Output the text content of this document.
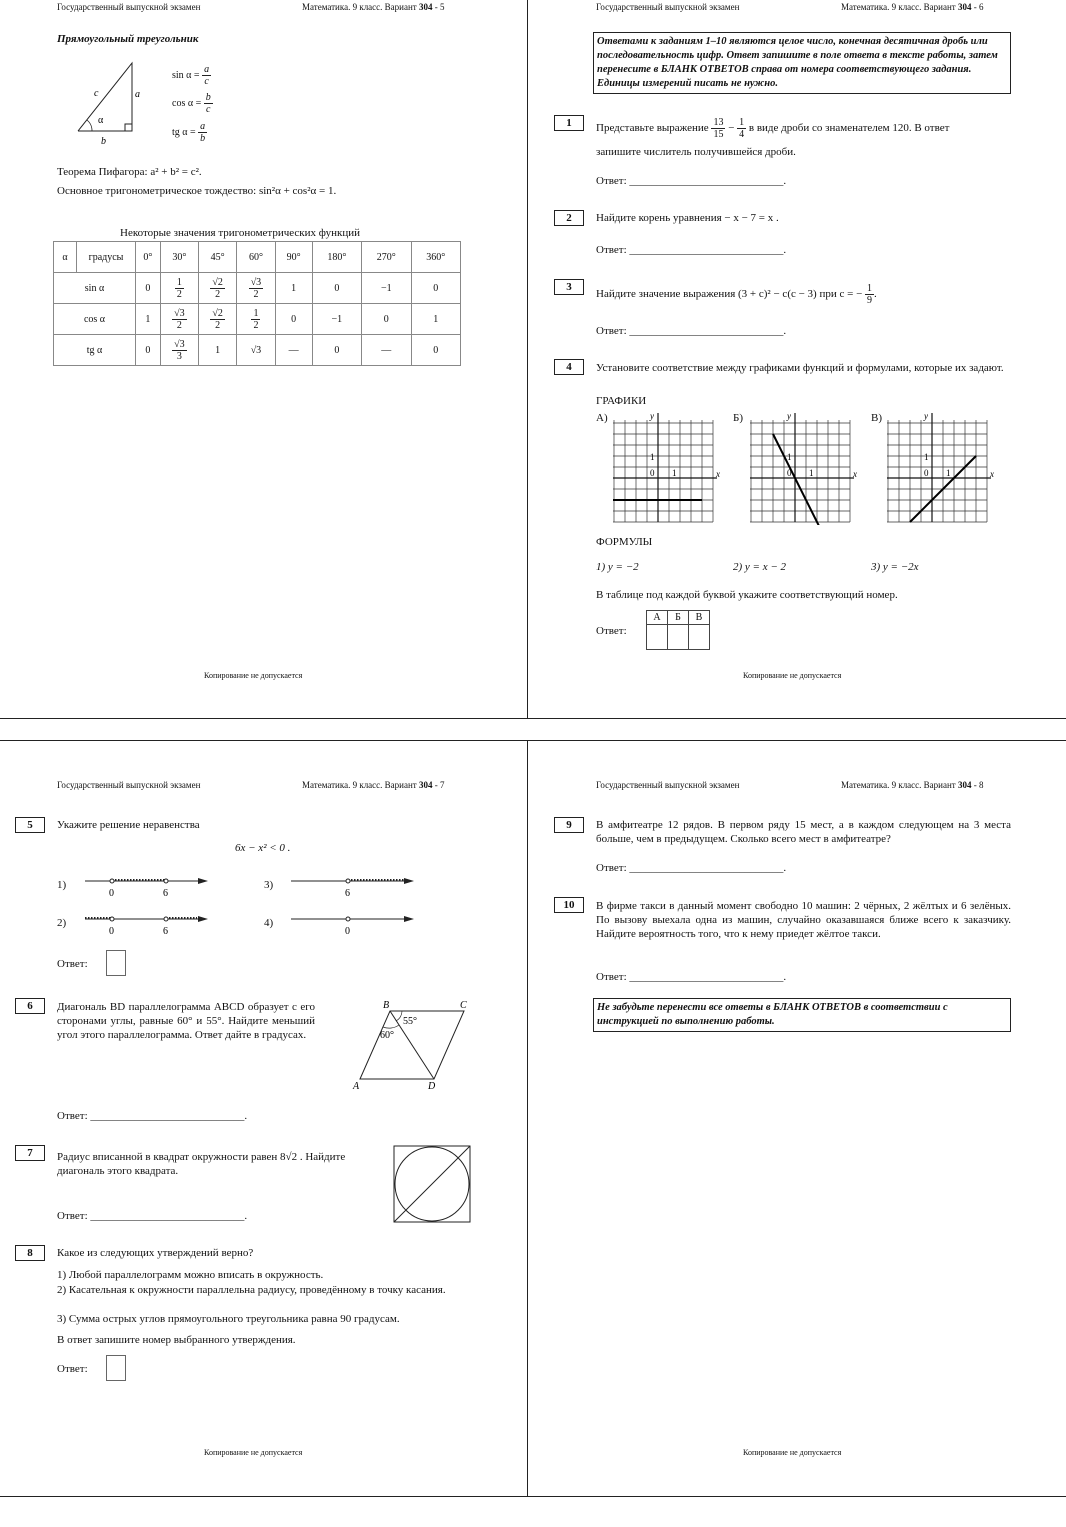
Государственный выпускной экзамен	Математика. 9 класс. Вариант 304 - 5
Прямоугольный треугольник
c	a
b
α
$\sin \alpha = \frac{a}{c}$
$\cos \alpha = \frac{b}{c}$
tg $\alpha = \frac{a}{b}$
Теорема Пифагора: a² + b² = c².
Основное тригонометрическое тождество: sin²α + cos²α = 1.
Некоторые значения тригонометрических функций
α	градусы	0°	30°	45°	60°	90°	180°	270°	360°
sin α		0	$\frac{1}{2}$	$\frac{√2}{2}$	$\frac{√3}{2}$	1	0	−1	0
cos α		1	$\frac{√3}{2}$	$\frac{√2}{2}$	$\frac{1}{2}$	0	−1	0	1
tg α		0	$\frac{√3}{3}$	1	√3	—	0	—	0
Копирование не допускается
Государственный выпускной экзамен	Математика. 9 класс. Вариант 304 - 6
Ответами к заданиям 1–10 являются целое число, конечная десятичная дробь или последовательность цифр. Ответ запишите в поле ответа в тексте работы, затем перенесите в БЛАНК ОТВЕТОВ справа от номера соответствующего задания. Единицы измерений писать не нужно.
1	Представьте выражение $\frac{13}{15} - \frac{1}{4}$ в виде дроби со знаменателем 120. В ответ
запишите числитель получившейся дроби.
Ответ: ____________________________.
2	Найдите корень уравнения − x − 7 = x .
Ответ: ____________________________.
3
Найдите значение выражения (3 + c)² − c(c − 3) при c = − $\frac{1}{9}$ .
Ответ: ____________________________.
4	Установите соответствие между графиками функций и формулами, которые их задают.
ГРАФИКИ
А)	Б)	В)
y
x
1
0 1
y
x
1
0 1
y
x
1
0 1
ФОРМУЛЫ
1) y = −2	2) y = x − 2	3) y = −2x
В таблице под каждой буквой укажите соответствующий номер.
Ответ:
А	Б	В

Копирование не допускается
Государственный выпускной экзамен	Математика. 9 класс. Вариант 304 - 7
5	Укажите решение неравенства
6x − x² < 0 .
1)
0	6
3)
6
2)
0	6
4)
0
Ответ:
6	Диагональ BD параллелограмма ABCD образует с его сторонами углы, равные 60° и 55°. Найдите меньший угол этого параллелограмма. Ответ дайте в градусах.
B	C
A	D
55°
60°
Ответ: ____________________________.
7	Радиус вписанной в квадрат окружности равен 8√2 . Найдите диагональ этого квадрата.
Ответ: ____________________________.
8	Какое из следующих утверждений верно?
1) Любой параллелограмм можно вписать в окружность.
2) Касательная к окружности параллельна радиусу, проведённому в точку касания.
3) Сумма острых углов прямоугольного треугольника равна 90 градусам.
В ответ запишите номер выбранного утверждения.
Ответ:
Копирование не допускается
Государственный выпускной экзамен	Математика. 9 класс. Вариант 304 - 8
9	В амфитеатре 12 рядов. В первом ряду 15 мест, а в каждом следующем на 3 места больше, чем в предыдущем. Сколько всего мест в амфитеатре?
Ответ: ____________________________.
10	В фирме такси в данный момент свободно 10 машин: 2 чёрных, 2 жёлтых и 6 зелёных. По вызову выехала одна из машин, случайно оказавшаяся ближе всего к заказчику. Найдите вероятность того, что к нему приедет жёлтое такси.
Ответ: ____________________________.
Не забудьте перенести все ответы в БЛАНК ОТВЕТОВ в соответствии с инструкцией по выполнению работы.
Копирование не допускается
